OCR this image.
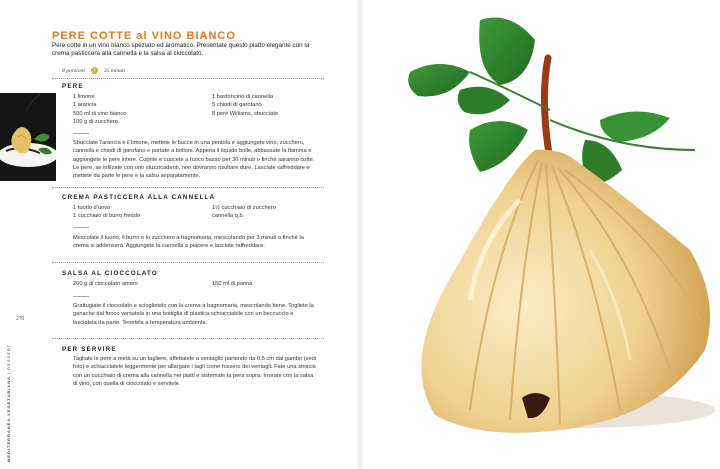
PERE COTTE al VINO BIANCO
Pere cotte in un vino bianco speziato ed aromatico. Presentate questo piatto elegante con la crema pasticcera alla cannella e la salsa al cioccolato.
8 porzioni	35 minuti
PERE
1 limone
1 arancia
500 ml di vino bianco
100 g di zucchero
1 bastoncino di cannella
5 chiodi di garofano
8 pere Williams, sbucciate
Sbucciate l’arancia e il limone, mettete le bucce in una pentola e aggiungete vino, zucchero, cannella e chiodi di garofano e portate a bollore. Appena il liquido bolle, abbassate la fiamma e aggiungete le pere intere. Coprite e cuocete a fuoco basso per 30 minuti o finché saranno cotte. Le pere, se infilzate con uno stuzzicadenti, non dovranno risultare dure. Lasciate raffreddare e mettete da parte le pere e la salsa separatamente.
CREMA PASTICCERA ALLA CANNELLA
1 tuorlo d’uovo
1 cucchiaio di burro freddo
1½ cucchiaio di zucchero
cannella q.b.
Mescolate il tuorlo, il burro e lo zucchero a bagnomaria, mescolando per 3 minuti o finché la crema si addenserà. Aggiungete la cannella a piacere e lasciate raffreddare.
SALSA AL CIOCCOLATO
200 g di cioccolato amaro	150 ml di panna
Grattugiate il cioccolato e scioglietelo con la crema a bagnomaria, mescolando bene. Togliete la ganache dal fuoco versatela in una bottiglia di plastica schiacciabile con un beccuccio e lasciatela da parte. Tenetela a temperatura ambiente.
PER SERVIRE
Tagliate le pere a metà su un tagliere, affettatele a ventaglio partendo da 0,5 cm dal gambo (vedi foto) e schiacciatele leggermente per allargare i tagli come fossero dei ventagli. Fate una striscia con un cucchiaio di crema alla cannella nei piatti e sistemate la pera sopra. Irrorate con la salsa di vino, con quella di cioccolato e servitele.
2?0
MEDITERRANEA VEGETARIANA | DESSERT
